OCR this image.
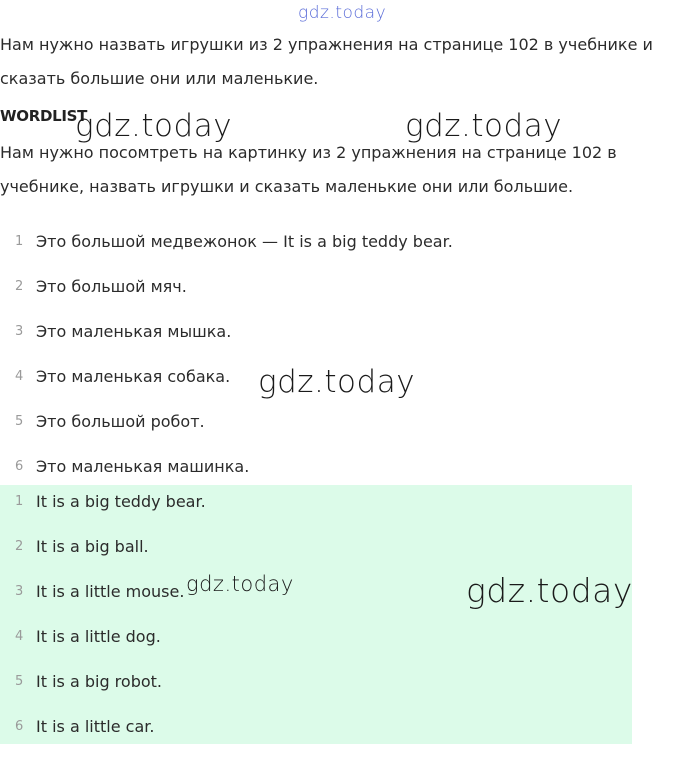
Нам нужно назвать игрушки из 2 упражнения на странице 102 в учебнике и сказать большие они или маленькие.
WORDLIST
Нам нужно посомтреть на картинку из 2 упражнения на странице 102 в учебнике, назвать игрушки и сказать маленькие они или большие.
1 Это большой медвежонок — It is a big teddy bear.
2 Это большой мяч.
3 Это маленькая мышка.
4 Это маленькая собака.
5 Это большой робот.
6 Это маленькая машинка.
1 It is a big teddy bear.
2 It is a big ball.
3 It is a little mouse.
4 It is a little dog.
5 It is a big robot.
6 It is a little car.
gdz.today
gdz.today	gdz.today
gdz.today
gdz.today	gdz.today
